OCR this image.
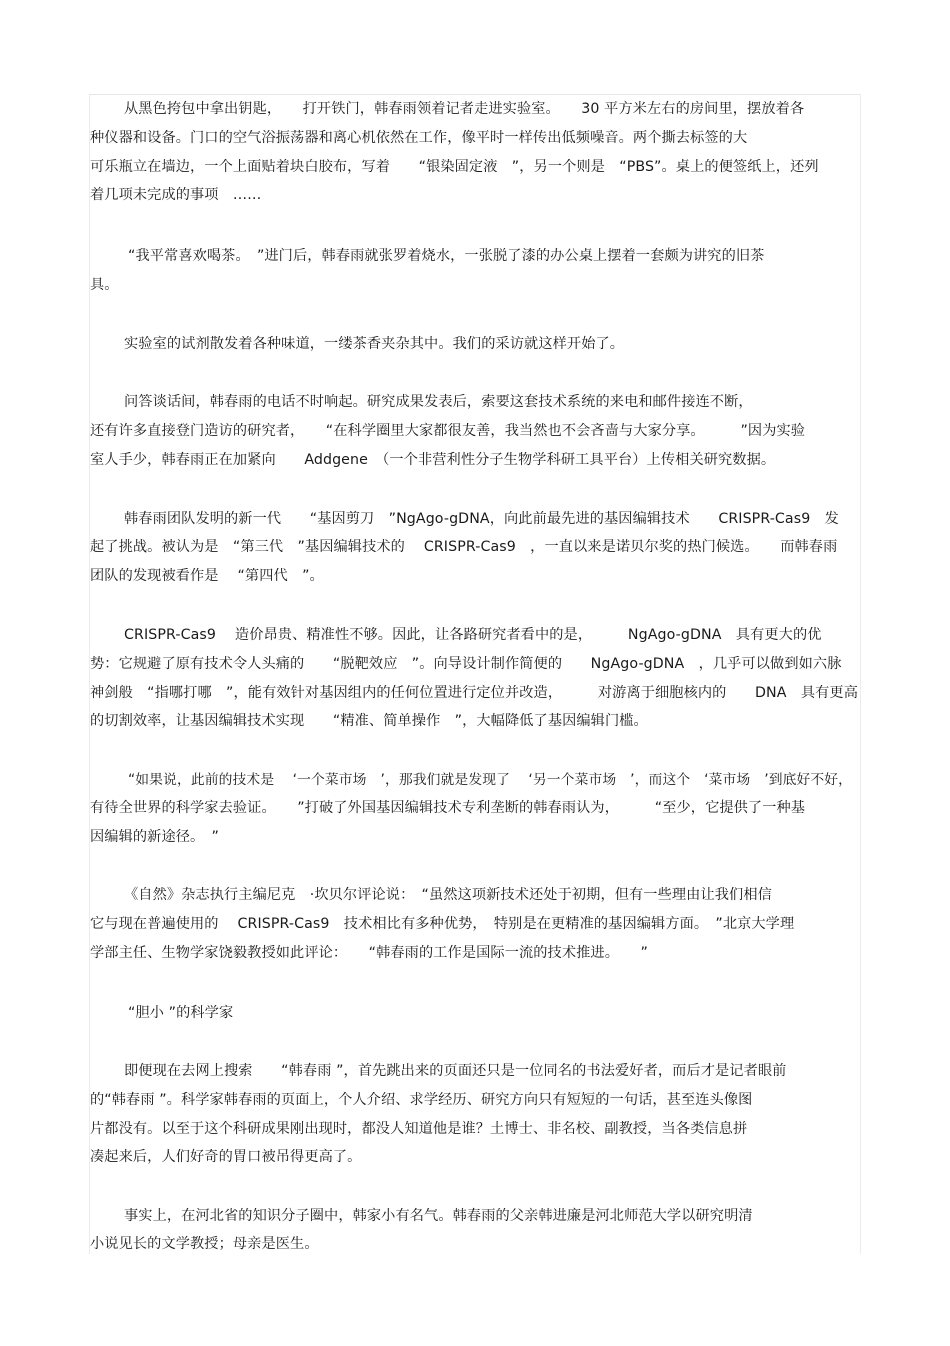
从黑色挎包中拿出钥匙，　　打开铁门，韩春雨领着记者走进实验室。　　30 平方米左右的房间里，摆放着各
种仪器和设备。门口的空气浴振荡器和离心机依然在工作，像平时一样传出低频噪音。两个撕去标签的大
可乐瓶立在墙边，一个上面贴着块白胶布，写着　　“银染固定液　”，另一个则是　“PBS”。桌上的便签纸上，还列
着几项未完成的事项　……
“我平常喜欢喝茶。　”进门后，韩春雨就张罗着烧水，一张脱了漆的办公桌上摆着一套颇为讲究的旧茶
具。
实验室的试剂散发着各种味道，一缕茶香夹杂其中。我们的采访就这样开始了。
问答谈话间，韩春雨的电话不时响起。研究成果发表后，索要这套技术系统的来电和邮件接连不断，
还有许多直接登门造访的研究者，　　“在科学圈里大家都很友善，我当然也不会吝啬与大家分享。　　　”因为实验
室人手少，韩春雨正在加紧向　　Addgene　（一个非营利性分子生物学科研工具平台）上传相关研究数据。
韩春雨团队发明的新一代　　“基因剪刀　”NgAgo-gDNA，向此前最先进的基因编辑技术　　CRISPR-Cas9　发
起了挑战。被认为是　“第三代　”基因编辑技术的　 CRISPR-Cas9　，一直以来是诺贝尔奖的热门候选。　　而韩春雨
团队的发现被看作是　 “第四代　”。
CRISPR-Cas9　 造价昂贵、精准性不够。因此，让各路研究者看中的是，　　　NgAgo-gDNA　具有更大的优
势：它规避了原有技术令人头痛的　　“脱靶效应　”。向导设计制作简便的　　NgAgo-gDNA　，几乎可以做到如六脉
神剑般　“指哪打哪　”，能有效针对基因组内的任何位置进行定位并改造，　　　对游离于细胞核内的　　DNA　具有更高
的切割效率，让基因编辑技术实现　　“精准、简单操作　”，大幅降低了基因编辑门槛。
“如果说，此前的技术是　 ‘一个菜市场　’，那我们就是发现了　 ‘另一个菜市场　’，而这个　‘菜市场　’到底好不好，
有待全世界的科学家去验证。　　”打破了外国基因编辑技术专利垄断的韩春雨认为，　　　“至少，它提供了一种基
因编辑的新途径。　”
《自然》杂志执行主编尼克　·坎贝尔评论说：　“虽然这项新技术还处于初期，但有一些理由让我们相信
它与现在普遍使用的　 CRISPR-Cas9　技术相比有多种优势，　特别是在更精准的基因编辑方面。　”北京大学理
学部主任、生物学家饶毅教授如此评论：　　“韩春雨的工作是国际一流的技术推进。　　”
“胆小 ”的科学家
即便现在去网上搜索　　“韩春雨 ”，首先跳出来的页面还只是一位同名的书法爱好者，而后才是记者眼前
的“韩春雨 ”。科学家韩春雨的页面上，个人介绍、求学经历、研究方向只有短短的一句话，甚至连头像图
片都没有。以至于这个科研成果刚出现时，都没人知道他是谁？土博士、非名校、副教授，当各类信息拼
凑起来后，人们好奇的胃口被吊得更高了。
事实上，在河北省的知识分子圈中，韩家小有名气。韩春雨的父亲韩进廉是河北师范大学以研究明清
小说见长的文学教授；母亲是医生。
